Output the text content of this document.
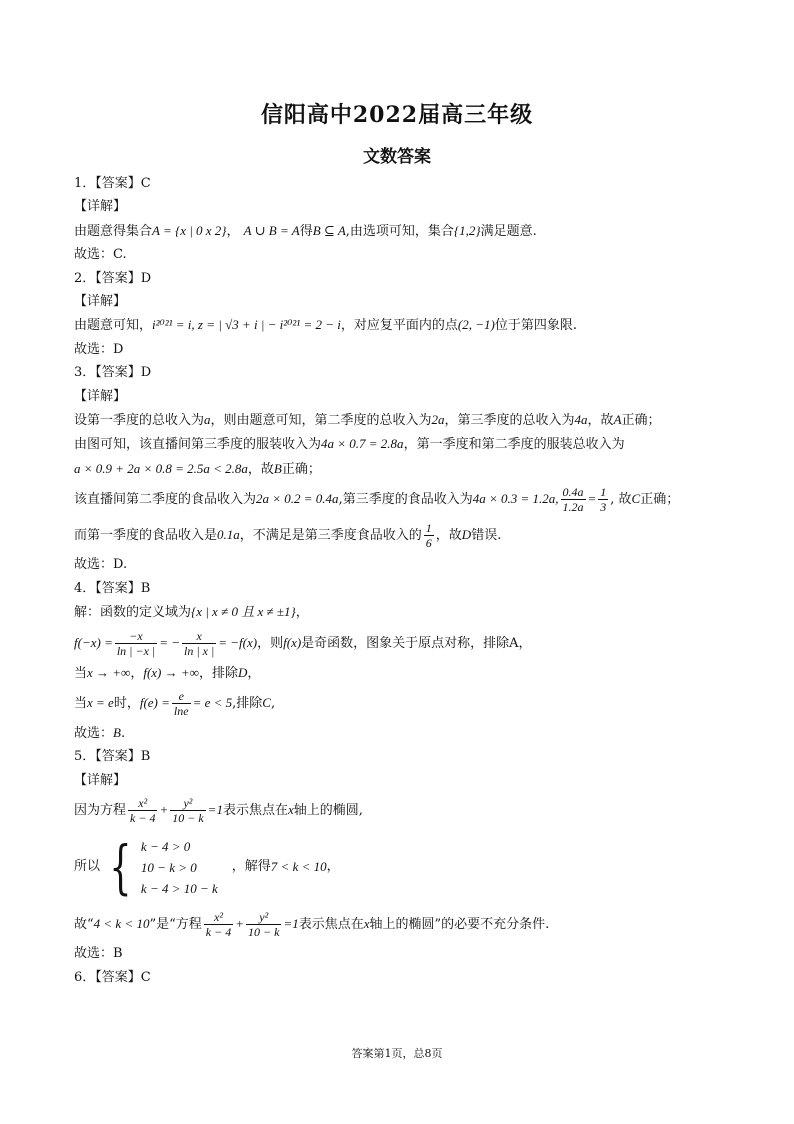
信阳高中2022届高三年级
文数答案
1．【答案】C
【详解】
由题意得集合A = {x | 0 x 2}， A ∪ B = A得B ⊆ A,由选项可知，集合{1,2}满足题意.
故选：C.
2．【答案】D
【详解】
由题意可知，i²⁰²¹ = i, z = | √3 + i | − i²⁰²¹ = 2 − i，对应复平面内的点(2, −1)位于第四象限.
故选：D
3．【答案】D
【详解】
设第一季度的总收入为a，则由题意可知，第二季度的总收入为2a，第三季度的总收入为4a，故A正确；
由图可知，该直播间第三季度的服装收入为4a × 0.7 = 2.8a，第一季度和第二季度的服装总收入为
a × 0.9 + 2a × 0.8 = 2.5a < 2.8a，故B正确；
该直播间第二季度的食品收入为2a × 0.2 = 0.4a,第三季度的食品收入为4a × 0.3 = 1.2a, $\frac{0.4a}{1.2a} = \frac{1}{3}$ , 故C正确；
而第一季度的食品收入是0.1a，不满足是第三季度食品收入的 $\frac{1}{6}$ ，故D错误.
故选：D.
4．【答案】B
解：函数的定义域为{x | x ≠ 0 且 x ≠ ±1}，
$f(-x) = \frac{-x}{\ln | -x |}$ = − $\frac{x}{\ln | x |} = -f(x)$，则f(x)是奇函数，图象关于原点对称，排除A，
当x → +∞，f(x) → +∞，排除D，
当x = e时，$f(e) = \frac{e}{\ln e} = e < 5$,排除C,
故选：B.
5．【答案】B
【详解】
因为方程 $\frac{\text{x²}}{k - 4} + \frac{\text{y²}}{10 - k} =1$表示焦点在x轴上的椭圆,
所以 { k − 4 > 0
10 − k > 0
k − 4 > 10 − k
，解得 7 < k < 10 ，
故“4 < k < 10”是“方程 $\frac{\text{x²}}{k - 4} + \frac{\text{y²}}{10 - k} =1$表示焦点在x轴上的椭圆”的必要不充分条件.
故选：B
6．【答案】C
答案第1页，总8页
